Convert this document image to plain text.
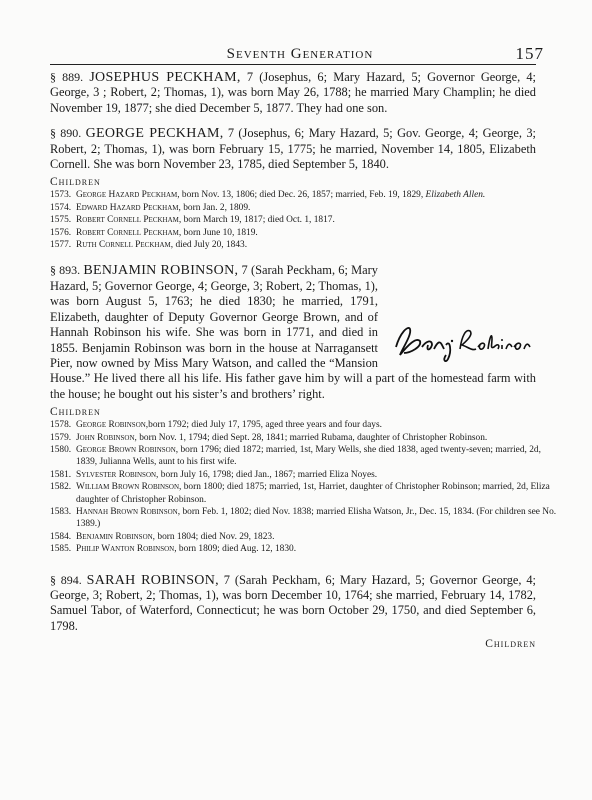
Seventh Generation	157

§ 889. JOSEPHUS PECKHAM, 7 (Josephus, 6; Mary Hazard, 5; Governor George, 4; George, 3 ; Robert, 2; Thomas, 1), was born May 26, 1788; he married Mary Champlin; he died November 19, 1877; she died December 5, 1877. They had one son.

§ 890. GEORGE PECKHAM, 7 (Josephus, 6; Mary Hazard, 5; Gov. George, 4; George, 3; Robert, 2; Thomas, 1), was born February 15, 1775; he married, November 14, 1805, Elizabeth Cornell. She was born November 23, 1785, died September 5, 1840.

Children
1573. George Hazard Peckham, born Nov. 13, 1806; died Dec. 26, 1857; married, Feb. 19, 1829, Elizabeth Allen.
1574. Edward Hazard Peckham, born Jan. 2, 1809.
1575. Robert Cornell Peckham, born March 19, 1817; died Oct. 1, 1817.
1576. Robert Cornell Peckham, born June 10, 1819.
1577. Ruth Cornell Peckham, died July 20, 1843.

§ 893. BENJAMIN ROBINSON, 7 (Sarah Peckham, 6; Mary Hazard, 5; Governor George, 4; George, 3; Robert, 2; Thomas, 1), was born August 5, 1763; he died 1830; he married, 1791, Elizabeth, daughter of Deputy Governor George Brown, and of Hannah Robinson his wife. She was born in 1771, and died in 1855. Benjamin Robinson was born in the house at Narragansett Pier, now owned by Miss Mary Watson, and called the “Mansion House.” He lived there all his life. His father gave him by will a part of the homestead farm with the house; he bought out his sister’s and brothers’ right.

Children
1578. George Robinson,born 1792; died July 17, 1795, aged three years and four days.
1579. John Robinson, born Nov. 1, 1794; died Sept. 28, 1841; married Rubama, daughter of Christopher Robinson.
1580. George Brown Robinson, born 1796; died 1872; married, 1st, Mary Wells, she died 1838, aged twenty-seven; married, 2d, 1839, Julianna Wells, aunt to his first wife.
1581. Sylvester Robinson, born July 16, 1798; died Jan., 1867; married Eliza Noyes.
1582. William Brown Robinson, born 1800; died 1875; married, 1st, Harriet, daughter of Christopher Robinson; married, 2d, Eliza daughter of Christopher Robinson.
1583. Hannah Brown Robinson, born Feb. 1, 1802; died Nov. 1838; married Elisha Watson, Jr., Dec. 15, 1834. (For children see No. 1389.)
1584. Benjamin Robinson, born 1804; died Nov. 29, 1823.
1585. Philip Wanton Robinson, born 1809; died Aug. 12, 1830.

§ 894. SARAH ROBINSON, 7 (Sarah Peckham, 6; Mary Hazard, 5; Governor George, 4; George, 3; Robert, 2; Thomas, 1), was born December 10, 1764; she married, February 14, 1782, Samuel Tabor, of Waterford, Connecticut; he was born October 29, 1750, and died September 6, 1798.

Children
